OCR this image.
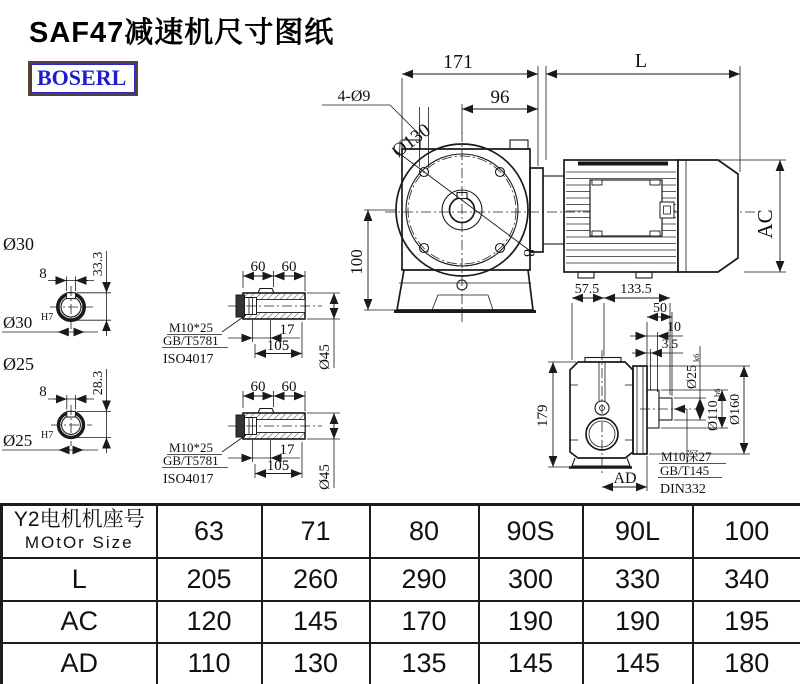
SAF47减速机尺寸图纸
BOSERL
171	L
96
4-Ø9
Ø130
100
AC
8
Ø30
8	33.3
Ø30 H7
Ø25
8	28.3
Ø25 H7
60 60
17
105 Ø45
M10*25
GB/T5781
ISO4017
60 60
17
105 Ø45
M10*25
GB/T5781
ISO4017
57.5 133.5
50
10
3.5
Ø25
k6
Ø110
h6
Ø160
179
AD
M10深27
GB/T145
DIN332
Y2电机机座号
MOtOr Size	63	71	80	90S	90L	100
L	205	260	290	300	330	340
AC	120	145	170	190	190	195
AD	110	130	135	145	145	180
